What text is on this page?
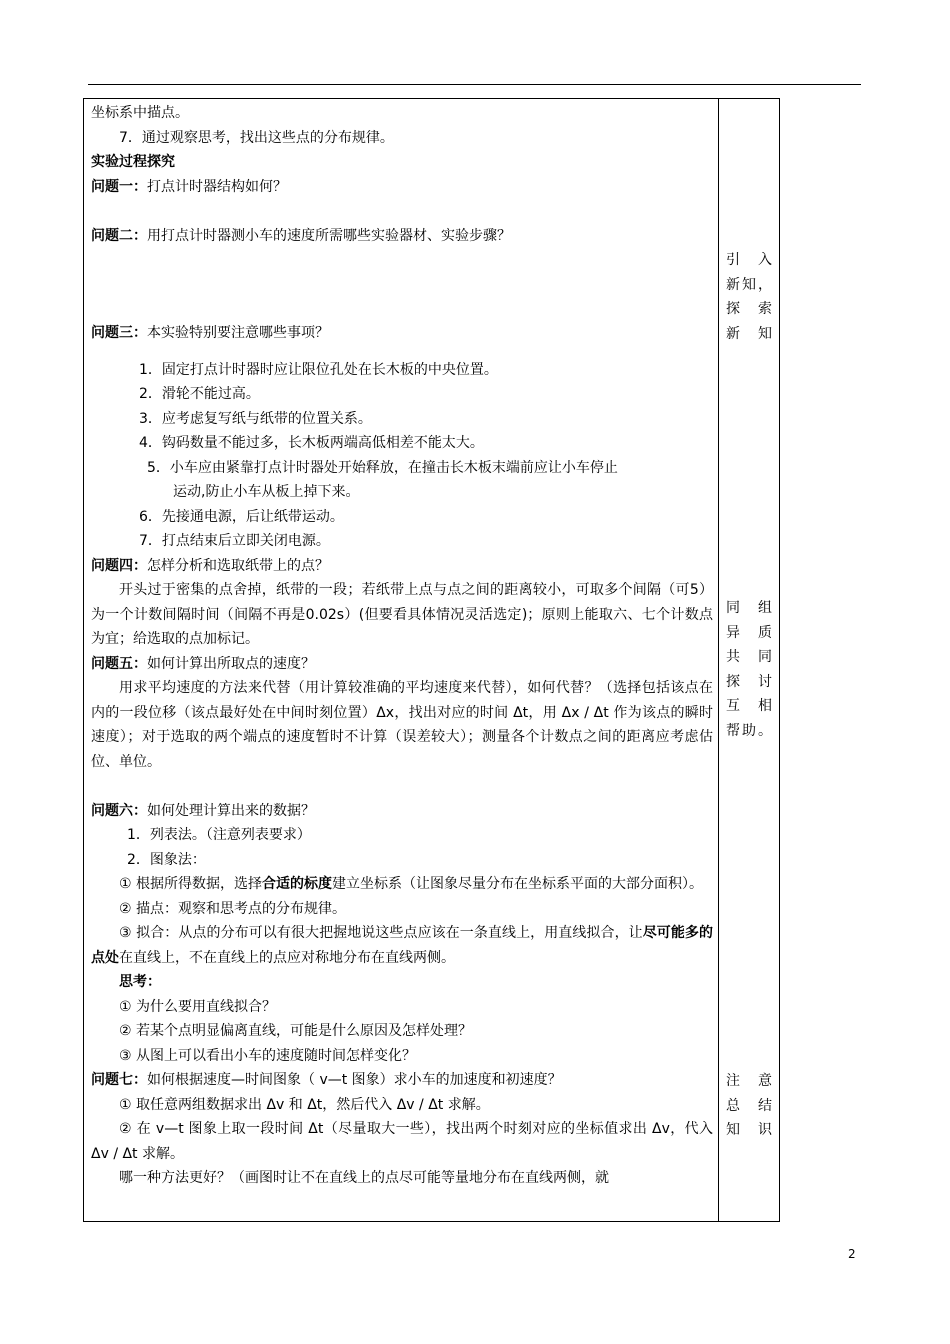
坐标系中描点。

7．通过观察思考，找出这些点的分布规律。

实验过程探究

问题一：打点计时器结构如何？

问题二：用打点计时器测小车的速度所需哪些实验器材、实验步骤？

问题三：本实验特别要注意哪些事项？

1．固定打点计时器时应让限位孔处在长木板的中央位置。

2．滑轮不能过高。

3．应考虑复写纸与纸带的位置关系。

4．钩码数量不能过多，长木板两端高低相差不能太大。

5．小车应由紧靠打点计时器处开始释放，在撞击长木板末端前应让小车停止

运动,防止小车从板上掉下来。

6．先接通电源，后让纸带运动。

7．打点结束后立即关闭电源。

问题四：怎样分析和选取纸带上的点？

开头过于密集的点舍掉，纸带的一段；若纸带上点与点之间的距离较小，可取多个间隔（可5）为一个计数间隔时间（间隔不再是0.02s）(但要看具体情况灵活选定)；原则上能取六、七个计数点为宜；给选取的点加标记。

问题五：如何计算出所取点的速度？

用求平均速度的方法来代替（用计算较准确的平均速度来代替），如何代替？（选择包括该点在内的一段位移（该点最好处在中间时刻位置）Δx，找出对应的时间 Δt，用 Δx / Δt 作为该点的瞬时速度）；对于选取的两个端点的速度暂时不计算（误差较大）；测量各个计数点之间的距离应考虑估位、单位。

问题六：如何处理计算出来的数据？

1．列表法。（注意列表要求）

2．图象法：

① 根据所得数据，选择合适的标度建立坐标系（让图象尽量分布在坐标系平面的大部分面积）。

② 描点：观察和思考点的分布规律。

③ 拟合：从点的分布可以有很大把握地说这些点应该在一条直线上，用直线拟合，让尽可能多的点处在直线上，不在直线上的点应对称地分布在直线两侧。

思考：

① 为什么要用直线拟合？

② 若某个点明显偏离直线，可能是什么原因及怎样处理？

③ 从图上可以看出小车的速度随时间怎样变化？

问题七：如何根据速度—时间图象（ v—t 图象）求小车的加速度和初速度？

① 取任意两组数据求出 Δv 和 Δt，然后代入 Δv / Δt 求解。

② 在 v—t 图象上取一段时间 Δt（尽量取大一些），找出两个时刻对应的坐标值求出 Δv，代入 Δv / Δt 求解。

哪一种方法更好？（画图时让不在直线上的点尽可能等量地分布在直线两侧，就

引 入
新知，
探 索
新知
同 组
异 质
共 同
探 讨
互 相
帮助。
注 意
总 结
知识
2
